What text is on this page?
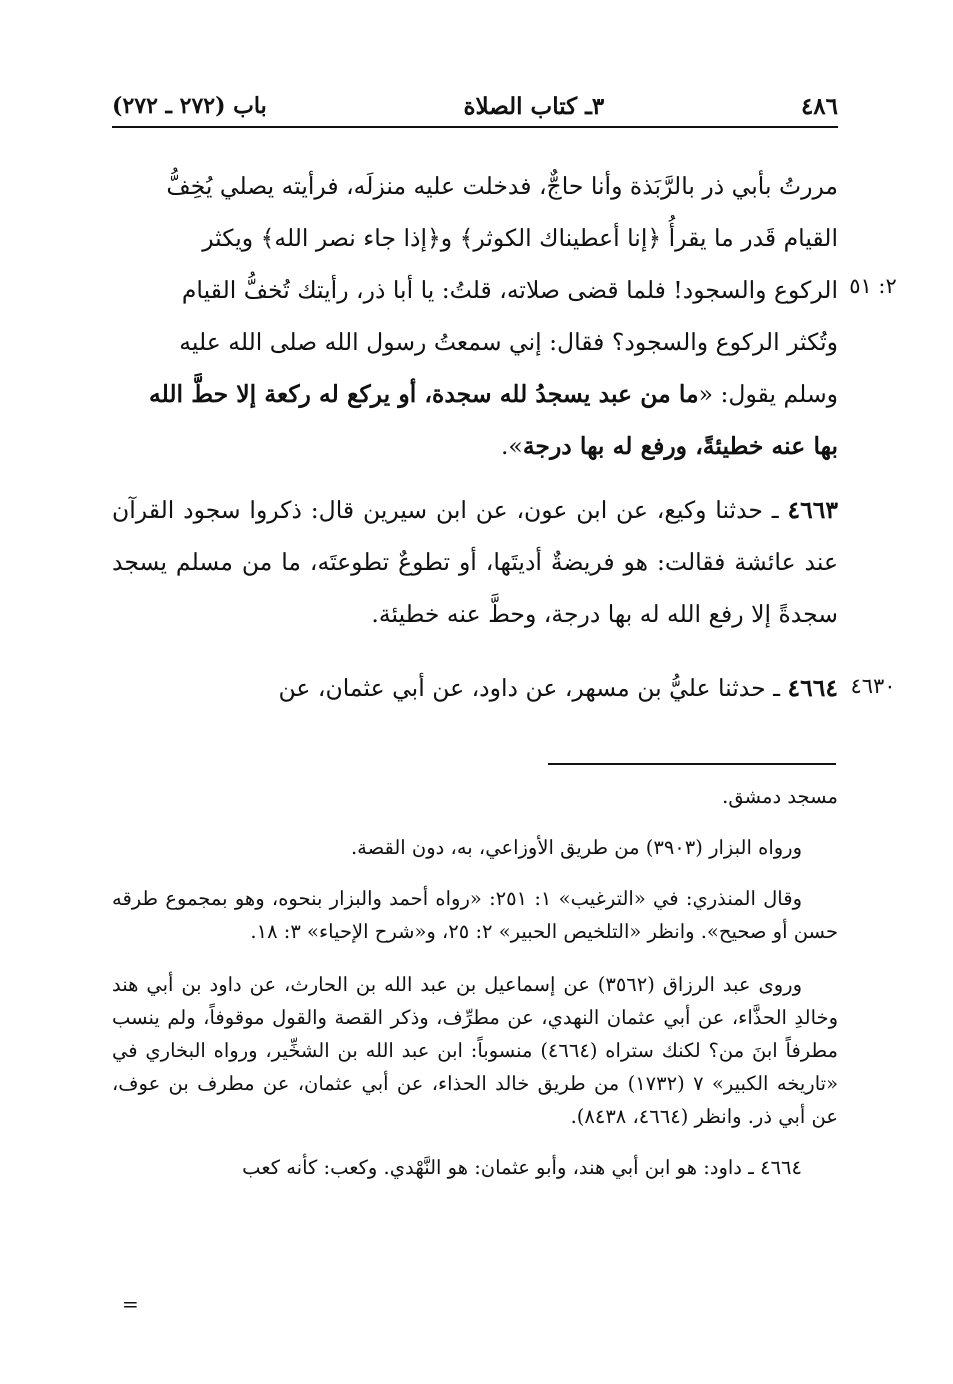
٤٨٦
٣ـ كتاب الصلاة
باب (٢٧٢ ـ ٢٧٢)
٢: ٥١
٤٦٣٠

مررتُ بأبي ذر بالرَّبَذة وأنا حاجٌّ، فدخلت عليه منزلَه، فرأيته يصلي يُخِفُّ

القيام قَدر ما يقرأُ ﴿إنا أعطيناك الكوثر﴾ و﴿إذا جاء نصر الله﴾ ويكثر

الركوع والسجود! فلما قضى صلاته، قلتُ: يا أبا ذر، رأيتك تُخفُّ القيام

وتُكثر الركوع والسجود؟ فقال: إني سمعتُ رسول الله صلى الله عليه

وسلم يقول: «ما من عبد يسجدُ لله سجدة، أو يركع له ركعة إلا حطَّ الله

بها عنه خطيئةً، ورفع له بها درجة».

٤٦٦٣ ـ حدثنا وكيع، عن ابن عون، عن ابن سيرين قال: ذكروا سجود القرآن عند عائشة فقالت: هو فريضةٌ أديتَها، أو تطوعٌ تطوعتَه، ما من مسلم يسجد سجدةً إلا رفع الله له بها درجة، وحطَّ عنه خطيئة.

٤٦٦٤ ـ حدثنا عليُّ بن مسهر، عن داود، عن أبي عثمان، عن

مسجد دمشق.

ورواه البزار (٣٩٠٣) من طريق الأوزاعي، به، دون القصة.

وقال المنذري: في «الترغيب» ١: ٢٥١: «رواه أحمد والبزار بنحوه، وهو بمجموع طرقه حسن أو صحيح». وانظر «التلخيص الحبير» ٢: ٢٥، و«شرح الإحياء» ٣: ١٨.

وروى عبد الرزاق (٣٥٦٢) عن إسماعيل بن عبد الله بن الحارث، عن داود بن أبي هند وخالدِ الحذَّاء، عن أبي عثمان النهدي، عن مطرِّف، وذكر القصة والقول موقوفاً، ولم ينسب مطرفاً ابنَ من؟ لكنك ستراه (٤٦٦٤) منسوباً: ابن عبد الله بن الشخِّير، ورواه البخاري في «تاريخه الكبير» ٧ (١٧٣٢) من طريق خالد الحذاء، عن أبي عثمان، عن مطرف بن عوف، عن أبي ذر. وانظر (٤٦٦٤، ٨٤٣٨).

٤٦٦٤ ـ داود: هو ابن أبي هند، وأبو عثمان: هو النَّهْدي. وكعب: كأنه كعب

=
